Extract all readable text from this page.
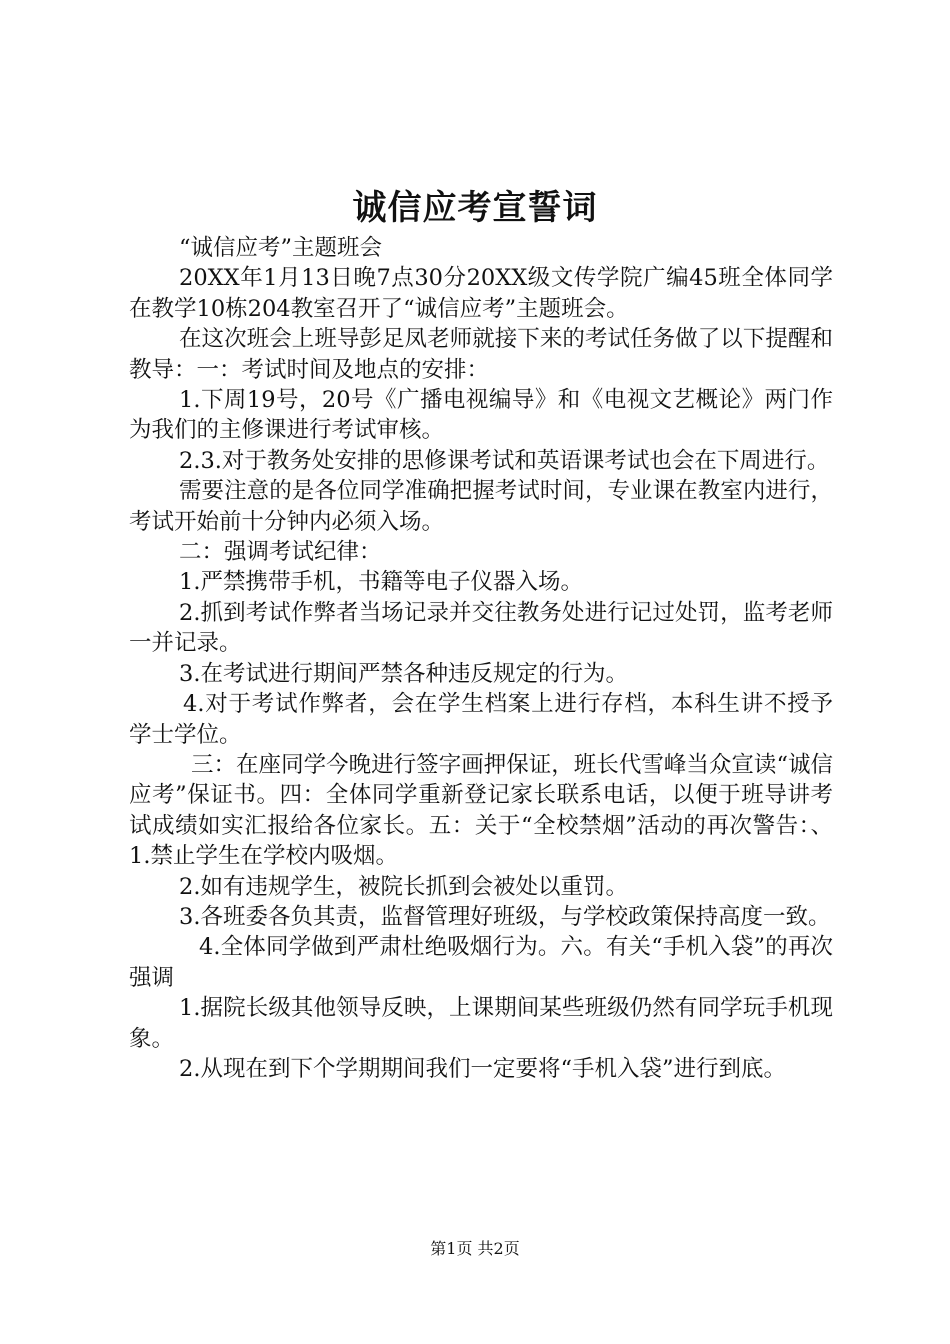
诚信应考宣誓词

“诚信应考”主题班会

20XX年1月13日晚7点30分20XX级文传学院广编45班全体同学在教学10栋204教室召开了“诚信应考”主题班会。

在这次班会上班导彭足凤老师就接下来的考试任务做了以下提醒和教导：一：考试时间及地点的安排：

1.下周19号，20号《广播电视编导》和《电视文艺概论》两门作为我们的主修课进行考试审核。

2.3.对于教务处安排的思修课考试和英语课考试也会在下周进行。

需要注意的是各位同学准确把握考试时间，专业课在教室内进行，考试开始前十分钟内必须入场。

二：强调考试纪律：

1.严禁携带手机，书籍等电子仪器入场。

2.抓到考试作弊者当场记录并交往教务处进行记过处罚，监考老师一并记录。

3.在考试进行期间严禁各种违反规定的行为。

4.对于考试作弊者，会在学生档案上进行存档，本科生讲不授予学士学位。

三：在座同学今晚进行签字画押保证，班长代雪峰当众宣读“诚信应考”保证书。四：全体同学重新登记家长联系电话，以便于班导讲考试成绩如实汇报给各位家长。五：关于“全校禁烟”活动的再次警告：、1.禁止学生在学校内吸烟。

2.如有违规学生，被院长抓到会被处以重罚。

3.各班委各负其责，监督管理好班级，与学校政策保持高度一致。

4.全体同学做到严肃杜绝吸烟行为。六。有关“手机入袋”的再次强调

1.据院长级其他领导反映，上课期间某些班级仍然有同学玩手机现象。

2.从现在到下个学期期间我们一定要将“手机入袋”进行到底。

第1页 共2页
